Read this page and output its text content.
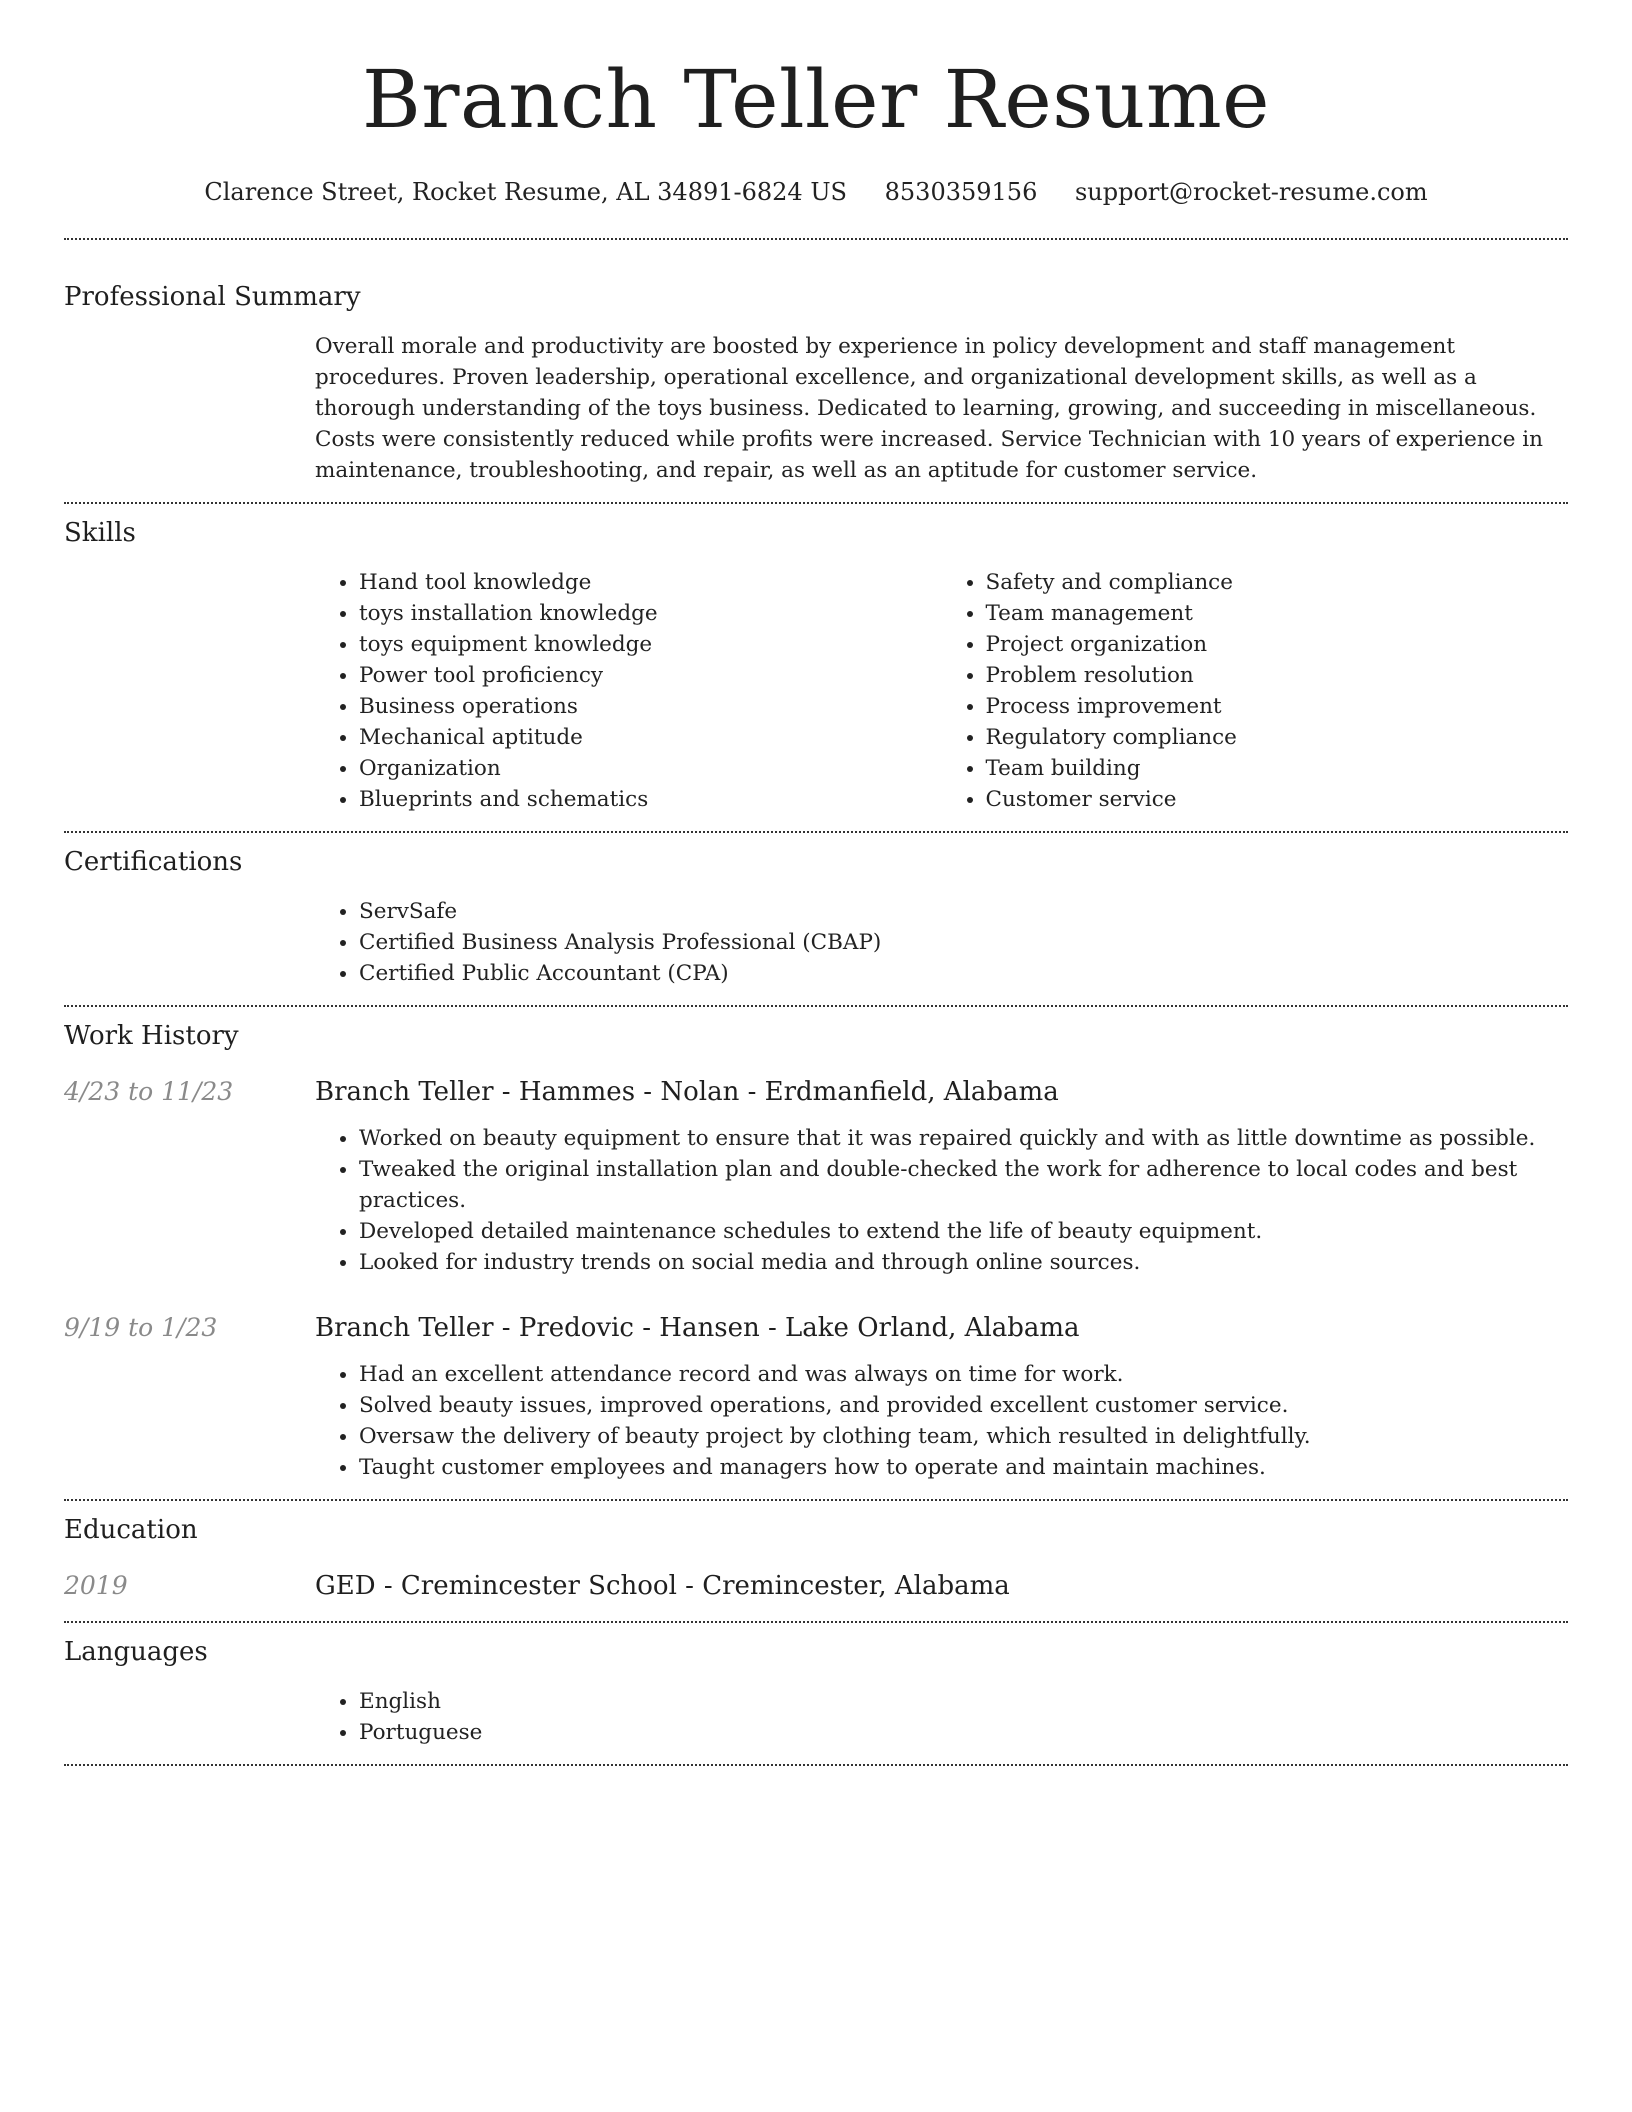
Branch Teller Resume
Clarence Street, Rocket Resume, AL 34891-6824 US 8530359156 support@rocket-resume.com
Professional Summary

Overall morale and productivity are boosted by experience in policy development and staff management procedures. Proven leadership, operational excellence, and organizational development skills, as well as a thorough understanding of the toys business. Dedicated to learning, growing, and succeeding in miscellaneous. Costs were consistently reduced while profits were increased. Service Technician with 10 years of experience in maintenance, troubleshooting, and repair, as well as an aptitude for customer service.

Skills
• Hand tool knowledge
• toys installation knowledge
• toys equipment knowledge
• Power tool proficiency
• Business operations
• Mechanical aptitude
• Organization
• Blueprints and schematics
• Safety and compliance
• Team management
• Project organization
• Problem resolution
• Process improvement
• Regulatory compliance
• Team building
• Customer service
Certifications
• ServSafe
• Certified Business Analysis Professional (CBAP)
• Certified Public Accountant (CPA)
Work History
4/23 to 11/23	Branch Teller - Hammes - Nolan - Erdmanfield, Alabama
• Worked on beauty equipment to ensure that it was repaired quickly and with as little downtime as possible.
• Tweaked the original installation plan and double-checked the work for adherence to local codes and best practices.
• Developed detailed maintenance schedules to extend the life of beauty equipment.
• Looked for industry trends on social media and through online sources.
9/19 to 1/23	Branch Teller - Predovic - Hansen - Lake Orland, Alabama
• Had an excellent attendance record and was always on time for work.
• Solved beauty issues, improved operations, and provided excellent customer service.
• Oversaw the delivery of beauty project by clothing team, which resulted in delightfully.
• Taught customer employees and managers how to operate and maintain machines.
Education
2019	GED - Cremincester School - Cremincester, Alabama
Languages
• English
• Portuguese
